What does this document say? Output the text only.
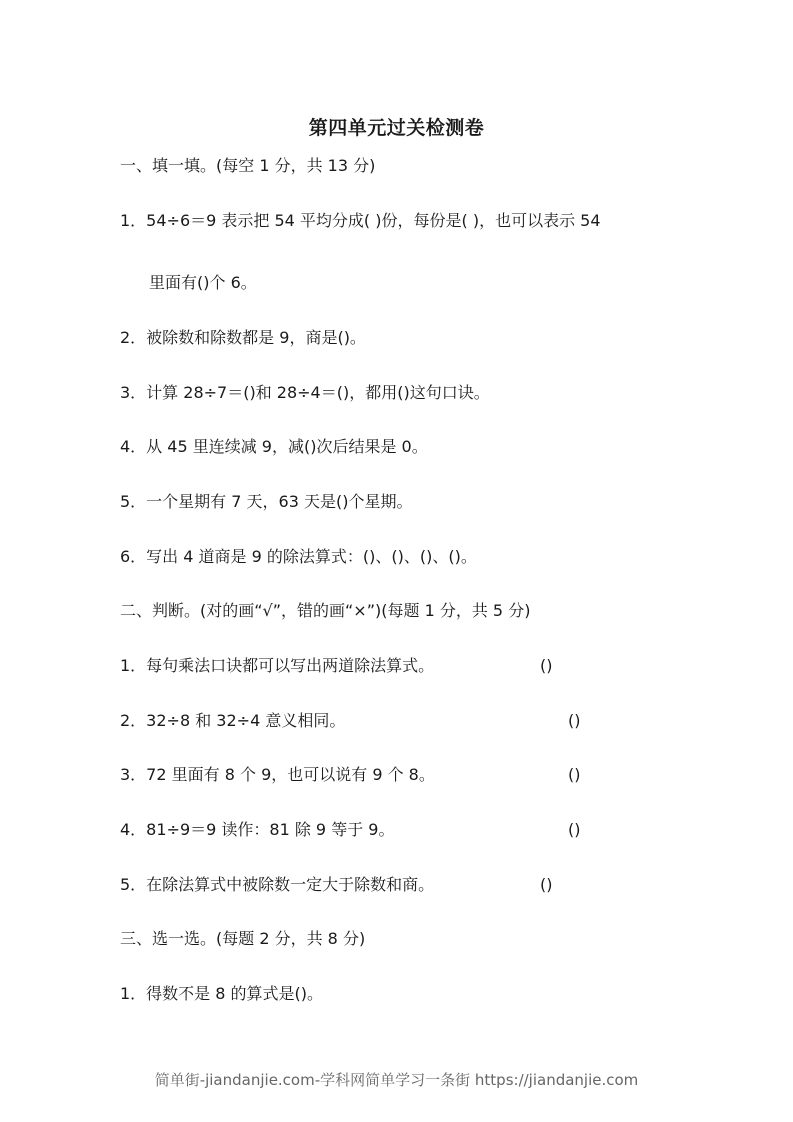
第四单元过关检测卷
一、填一填。(每空 1 分，共 13 分)
1．54÷6＝9 表示把 54 平均分成( )份，每份是( )，也可以表示 54
里面有()个 6。
2．被除数和除数都是 9，商是()。
3．计算 28÷7＝()和 28÷4＝()，都用()这句口诀。
4．从 45 里连续减 9，减()次后结果是 0。
5．一个星期有 7 天，63 天是()个星期。
6．写出 4 道商是 9 的除法算式：()、()、()、()。
二、判断。(对的画“√”，错的画“×”)(每题 1 分，共 5 分)
1．每句乘法口诀都可以写出两道除法算式。	()
2．32÷8 和 32÷4 意义相同。	()
3．72 里面有 8 个 9，也可以说有 9 个 8。	()
4．81÷9＝9 读作：81 除 9 等于 9。	()
5．在除法算式中被除数一定大于除数和商。	()
三、选一选。(每题 2 分，共 8 分)
1．得数不是 8 的算式是()。
简单街-jiandanjie.com-学科网简单学习一条街 https://jiandanjie.com
